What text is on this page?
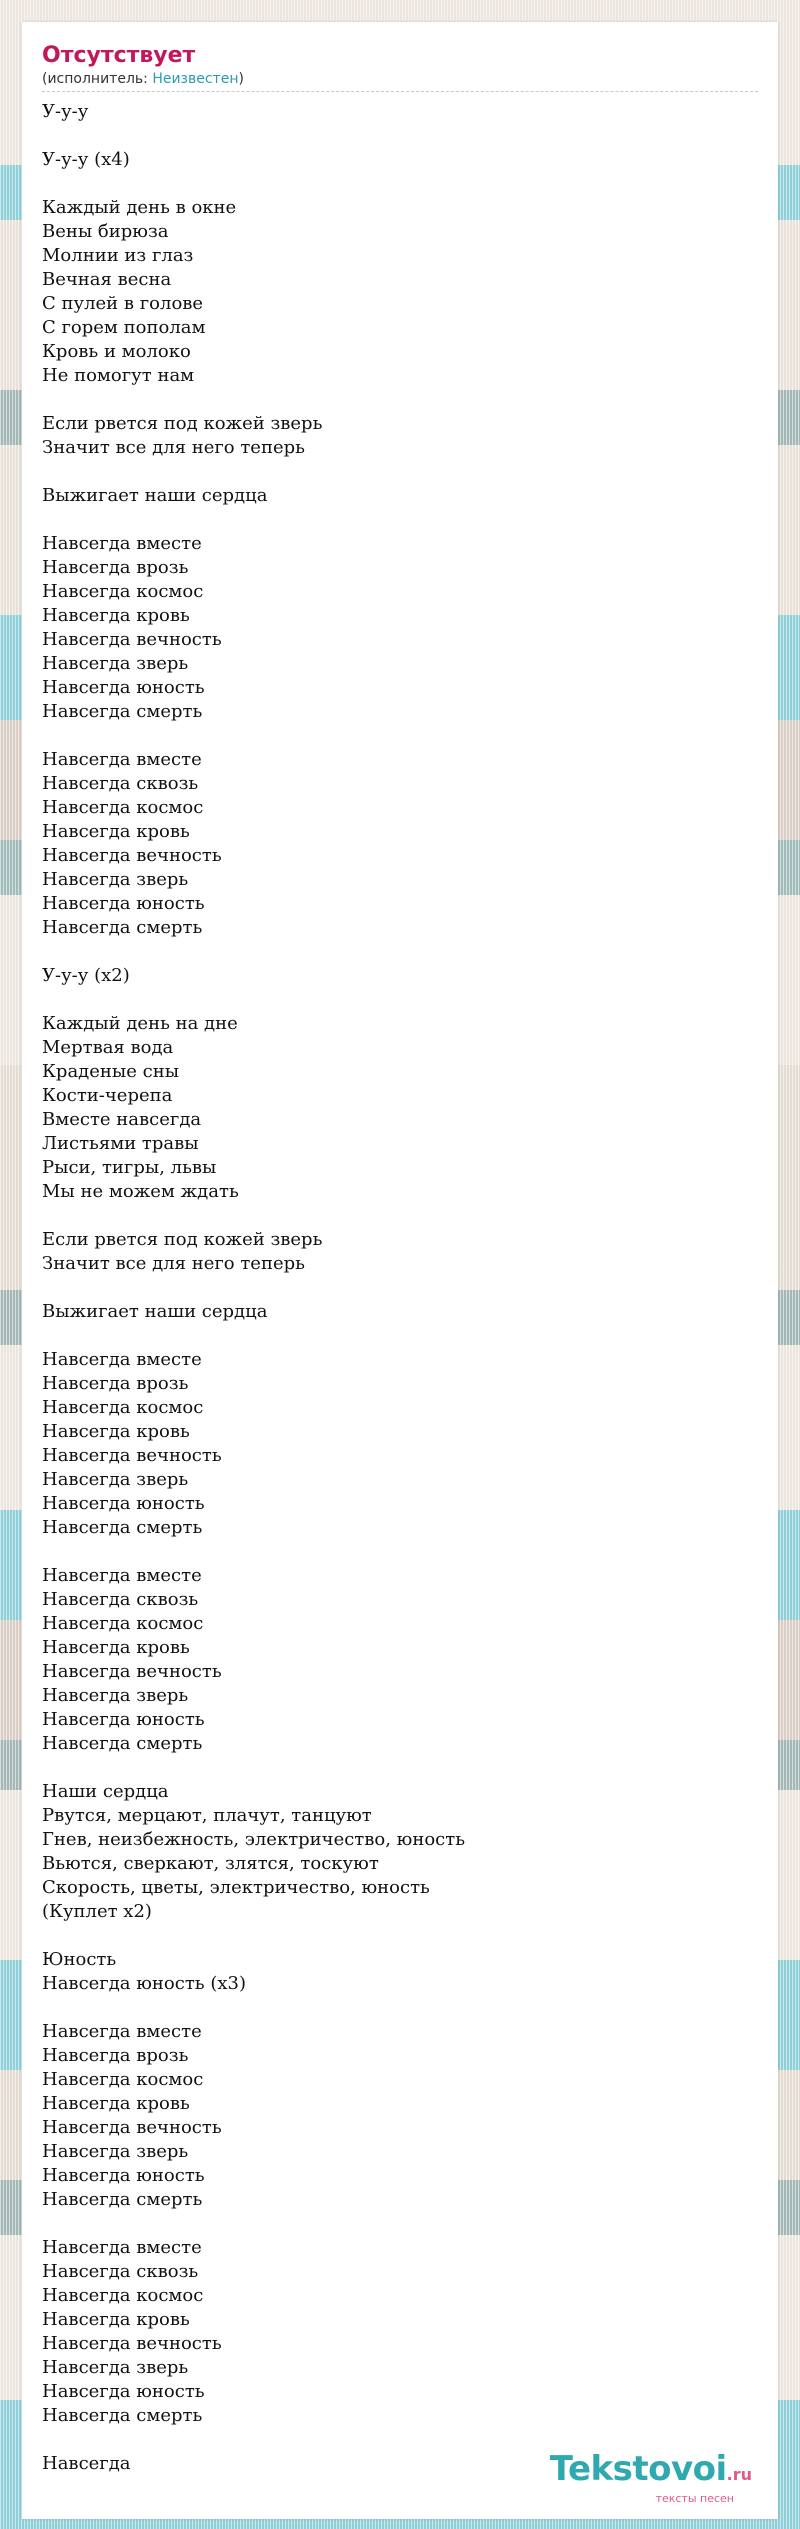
Отсутствует
(исполнитель: Неизвестен)
У-у-у

У-у-у (x4)

Каждый день в окне
Вены бирюза
Молнии из глаз
Вечная весна
С пулей в голове
С горем пополам
Кровь и молоко
Не помогут нам

Если рвется под кожей зверь
Значит все для него теперь

Выжигает наши сердца

Навсегда вместе
Навсегда врозь
Навсегда космос
Навсегда кровь
Навсегда вечность
Навсегда зверь
Навсегда юность
Навсегда смерть

Навсегда вместе
Навсегда сквозь
Навсегда космос
Навсегда кровь
Навсегда вечность
Навсегда зверь
Навсегда юность
Навсегда смерть

У-у-у (x2)

Каждый день на дне
Мертвая вода
Краденые сны
Кости-черепа
Вместе навсегда
Листьями травы
Рыси, тигры, львы
Мы не можем ждать

Если рвется под кожей зверь
Значит все для него теперь

Выжигает наши сердца

Навсегда вместе
Навсегда врозь
Навсегда космос
Навсегда кровь
Навсегда вечность
Навсегда зверь
Навсегда юность
Навсегда смерть

Навсегда вместе
Навсегда сквозь
Навсегда космос
Навсегда кровь
Навсегда вечность
Навсегда зверь
Навсегда юность
Навсегда смерть

Наши сердца
Рвутся, мерцают, плачут, танцуют
Гнев, неизбежность, электричество, юность
Вьются, сверкают, злятся, тоскуют
Скорость, цветы, электричество, юность
(Куплет x2)

Юность
Навсегда юность (x3)

Навсегда вместе
Навсегда врозь
Навсегда космос
Навсегда кровь
Навсегда вечность
Навсегда зверь
Навсегда юность
Навсегда смерть

Навсегда вместе
Навсегда сквозь
Навсегда космос
Навсегда кровь
Навсегда вечность
Навсегда зверь
Навсегда юность
Навсегда смерть

Навсегда	Tekstovoi.ru
тексты песен
